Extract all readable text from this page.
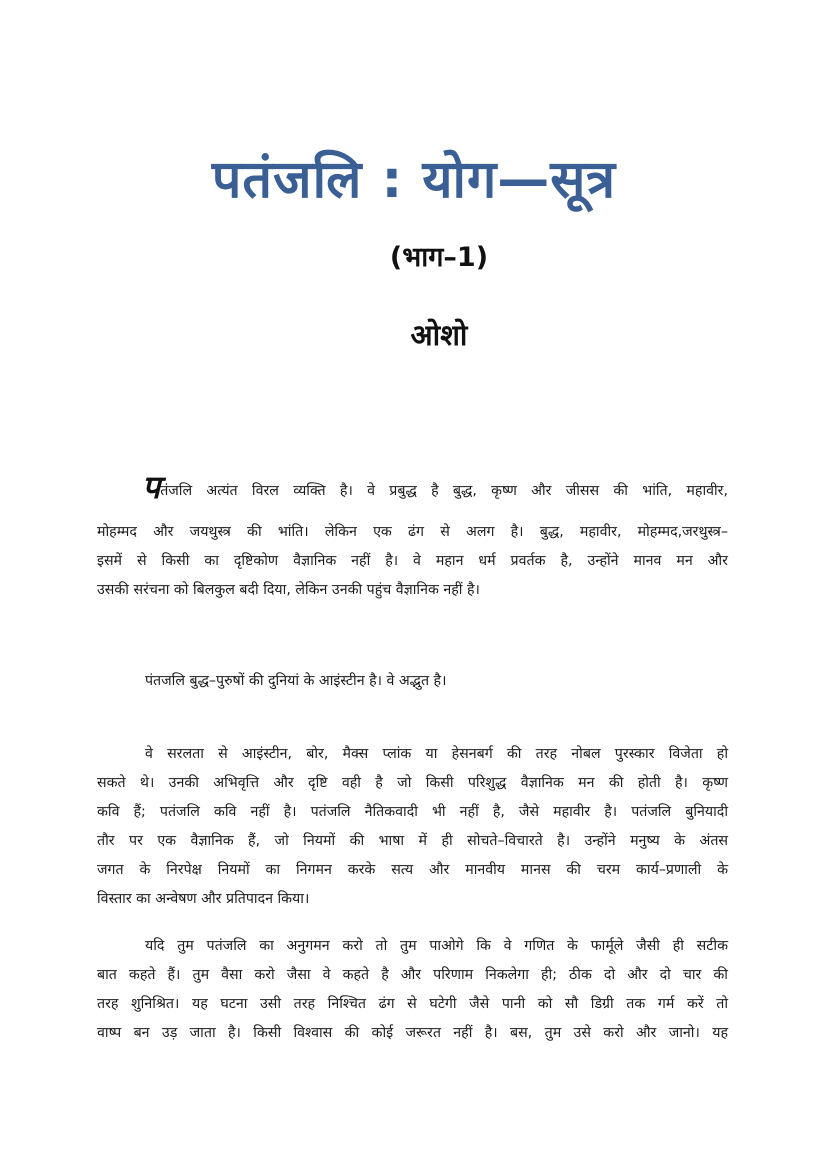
पतंजलि : योग—सूत्र
(भाग–1)
ओशो
पतंजलि अत्यंत विरल व्यक्ति है। वे प्रबुद्ध है बुद्ध, कृष्ण और जीसस की भांति, महावीर,
मोहम्मद और जयथुस्त्र की भांति। लेकिन एक ढंग से अलग है। बुद्ध, महावीर, मोहम्मद,जरथुस्त्र–
इसमें से किसी का दृष्टिकोण वैज्ञानिक नहीं है। वे महान धर्म प्रवर्तक है, उन्होंने मानव मन और
उसकी सरंचना को बिलकुल बदी दिया, लेकिन उनकी पहुंच वैज्ञानिक नहीं है।
पंतजलि बुद्ध–पुरुषों की दुनियां के आइंस्टीन है। वे अद्भुत है।
वे सरलता से आइंस्टीन, बोर, मैक्स प्लांक या हेसनबर्ग की तरह नोबल पुरस्कार विजेता हो
सकते थे। उनकी अभिवृत्ति और दृष्टि वही है जो किसी परिशुद्ध वैज्ञानिक मन की होती है। कृष्ण
कवि हैं; पतंजलि कवि नहीं है। पतंजलि नैतिकवादी भी नहीं है, जैसे महावीर है। पतंजलि बुनियादी
तौर पर एक वैज्ञानिक हैं, जो नियमों की भाषा में ही सोचते–विचारते है। उन्होंने मनुष्य के अंतस
जगत के निरपेक्ष नियमों का निगमन करके सत्य और मानवीय मानस की चरम कार्य–प्रणाली के
विस्तार का अन्वेषण और प्रतिपादन किया।
यदि तुम पतंजलि का अनुगमन करो तो तुम पाओगे कि वे गणित के फार्मूले जैसी ही सटीक
बात कहते हैं। तुम वैसा करो जैसा वे कहते है और परिणाम निकलेगा ही; ठीक दो और दो चार की
तरह शुनिश्रित। यह घटना उसी तरह निश्चित ढंग से घटेगी जैसे पानी को सौ डिग्री तक गर्म करें तो
वाष्प बन उड़ जाता है। किसी विश्वास की कोई जरूरत नहीं है। बस, तुम उसे करो और जानो। यह
